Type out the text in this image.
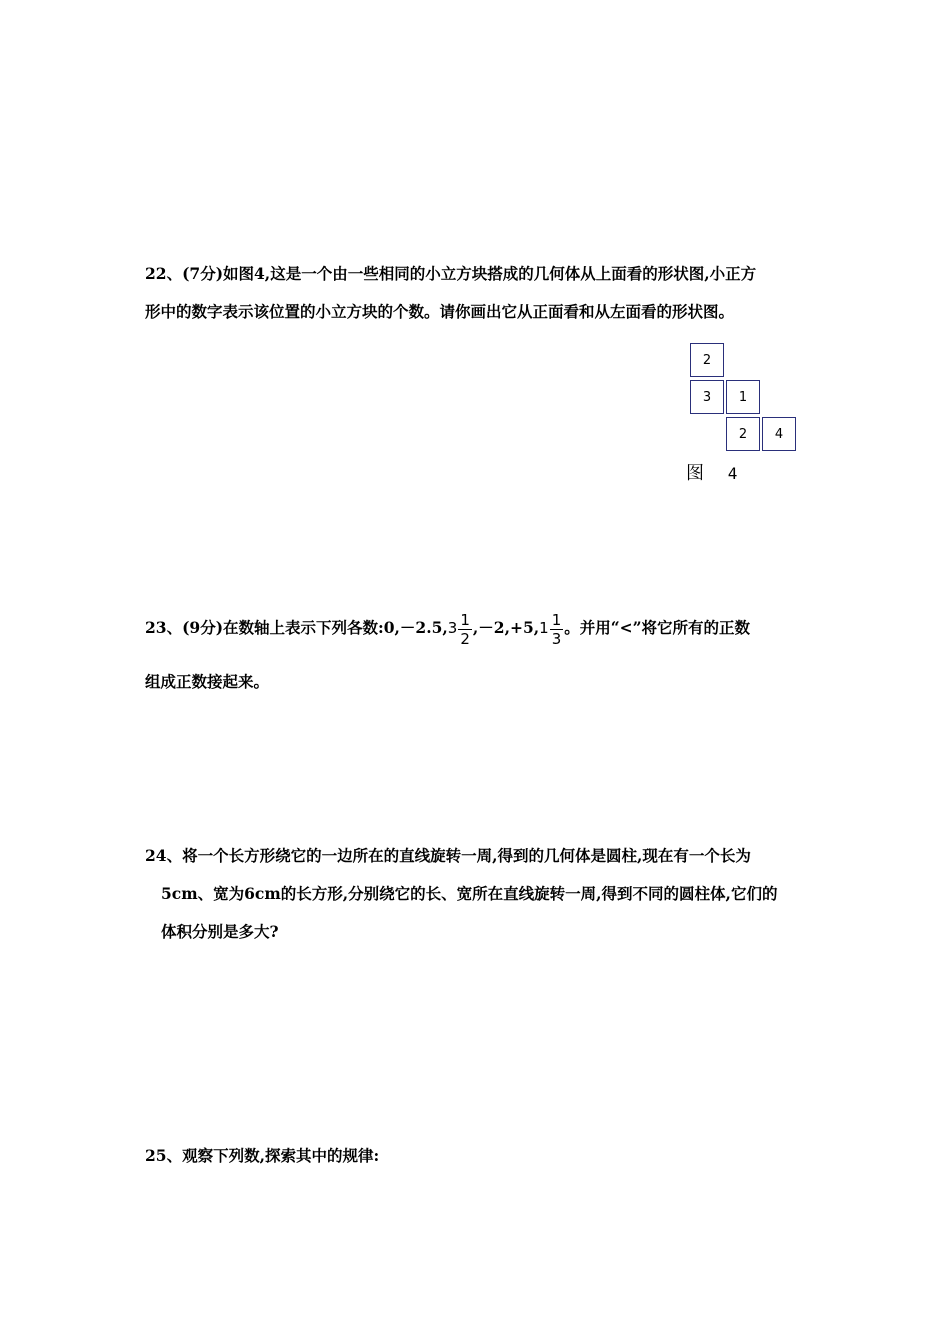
22、(7分)如图4,这是一个由一些相同的小立方块搭成的几何体从上面看的形状图,小正方
形中的数字表示该位置的小立方块的个数。请你画出它从正面看和从左面看的形状图。
2
3	1
2	4
图 4
23、(9分)在数轴上表示下列各数:0,－2.5,3 $\frac{1}{2} ,-2,+5,1 \frac{1}{3}$ 。并用“<”将它所有的正数
组成正数接起来。
24、将一个长方形绕它的一边所在的直线旋转一周,得到的几何体是圆柱,现在有一个长为
5cm、宽为6cm的长方形,分别绕它的长、宽所在直线旋转一周,得到不同的圆柱体,它们的
体积分别是多大?
25、观察下列数,探索其中的规律:
